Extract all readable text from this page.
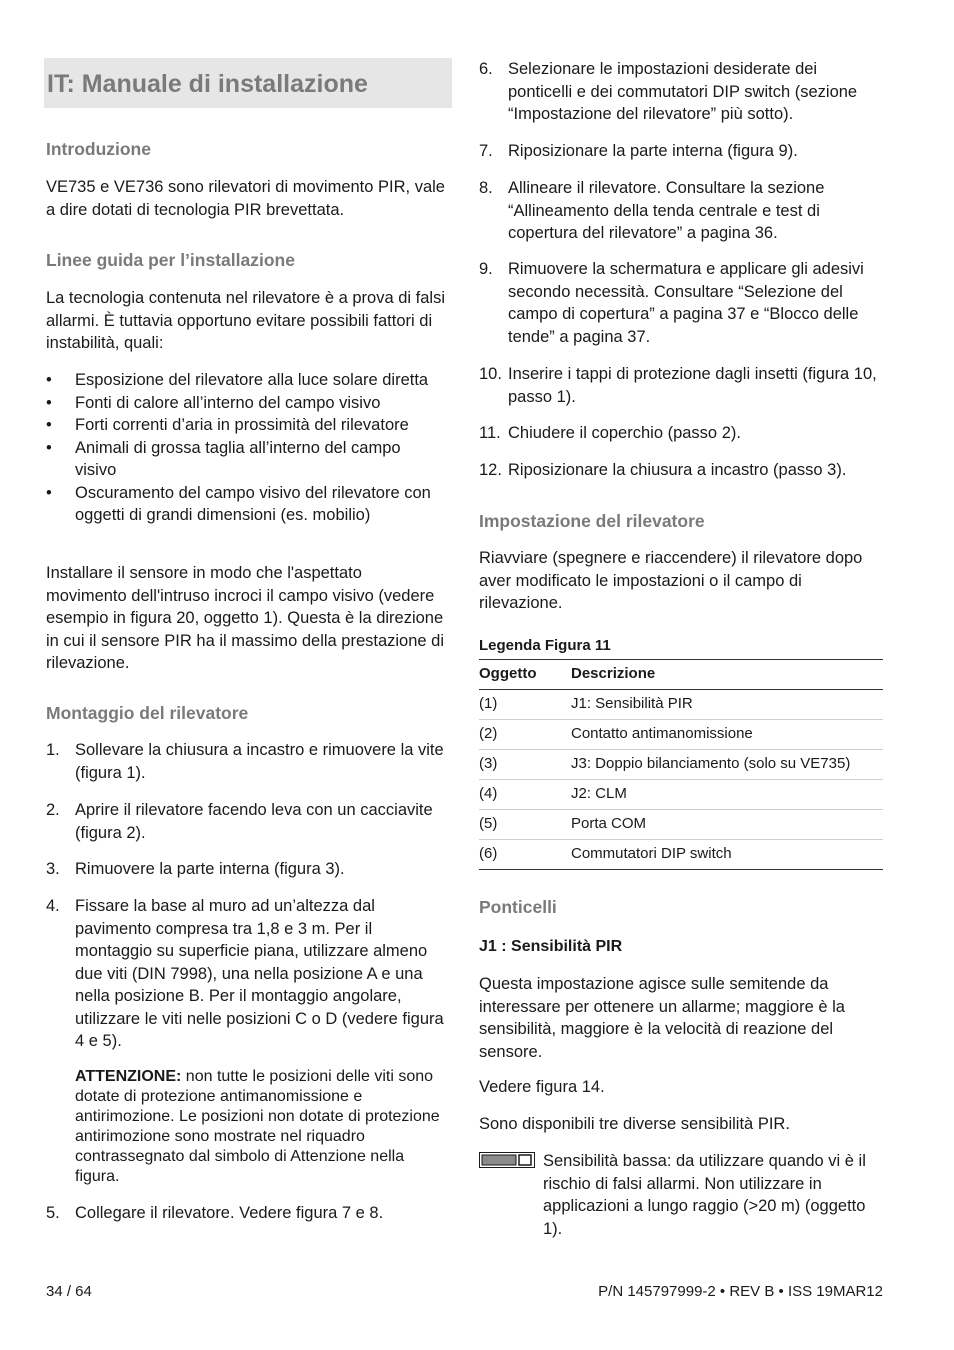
IT: Manuale di installazione
Introduzione

VE735 e VE736 sono rilevatori di movimento PIR, vale a dire dotati di tecnologia PIR brevettata.

Linee guida per l’installazione

La tecnologia contenuta nel rilevatore è a prova di falsi allarmi. È tuttavia opportuno evitare possibili fattori di instabilità, quali:

• Esposizione del rilevatore alla luce solare diretta
• Fonti di calore all’interno del campo visivo
• Forti correnti d’aria in prossimità del rilevatore
• Animali di grossa taglia all’interno del campo visivo
• Oscuramento del campo visivo del rilevatore con oggetti di grandi dimensioni (es. mobilio)

Installare il sensore in modo che l'aspettato movimento dell'intruso incroci il campo visivo (vedere esempio in figura 20, oggetto 1). Questa è la direzione in cui il sensore PIR ha il massimo della prestazione di rilevazione.

Montaggio del rilevatore
1. Sollevare la chiusura a incastro e rimuovere la vite (figura 1).
2. Aprire il rilevatore facendo leva con un cacciavite (figura 2).
3. Rimuovere la parte interna (figura 3).
4. Fissare la base al muro ad un’altezza dal pavimento compresa tra 1,8 e 3 m. Per il montaggio su superficie piana, utilizzare almeno due viti (DIN 7998), una nella posizione A e una nella posizione B. Per il montaggio angolare, utilizzare le viti nelle posizioni C o D (vedere figura 4 e 5).

ATTENZIONE: non tutte le posizioni delle viti sono dotate di protezione antimanomissione e antirimozione. Le posizioni non dotate di protezione antirimozione sono mostrate nel riquadro contrassegnato dal simbolo di Attenzione nella figura.

5. Collegare il rilevatore. Vedere figura 7 e 8.
6. Selezionare le impostazioni desiderate dei ponticelli e dei commutatori DIP switch (sezione “Impostazione del rilevatore” più sotto).
7. Riposizionare la parte interna (figura 9).
8. Allineare il rilevatore. Consultare la sezione “Allineamento della tenda centrale e test di copertura del rilevatore” a pagina 36.
9. Rimuovere la schermatura e applicare gli adesivi secondo necessità. Consultare “Selezione del campo di copertura” a pagina 37 e “Blocco delle tende” a pagina 37.
10. Inserire i tappi di protezione dagli insetti (figura 10, passo 1).
11. Chiudere il coperchio (passo 2).
12. Riposizionare la chiusura a incastro (passo 3).
Impostazione del rilevatore

Riavviare (spegnere e riaccendere) il rilevatore dopo aver modificato le impostazioni o il campo di rilevazione.

Legenda Figura 11

Oggetto	Descrizione
(1)	J1: Sensibilità PIR
(2)	Contatto antimanomissione
(3)	J3: Doppio bilanciamento (solo su VE735)
(4)	J2: CLM
(5)	Porta COM
(6)	Commutatori DIP switch
Ponticelli
J1 : Sensibilità PIR

Questa impostazione agisce sulle semitende da interessare per ottenere un allarme; maggiore è la sensibilità, maggiore è la velocità di reazione del sensore.

Vedere figura 14.

Sono disponibili tre diverse sensibilità PIR.

Sensibilità bassa: da utilizzare quando vi è il rischio di falsi allarmi. Non utilizzare in applicazioni a lungo raggio (>20 m) (oggetto 1).

34 / 64	P/N 145797999-2 • REV B • ISS 19MAR12
